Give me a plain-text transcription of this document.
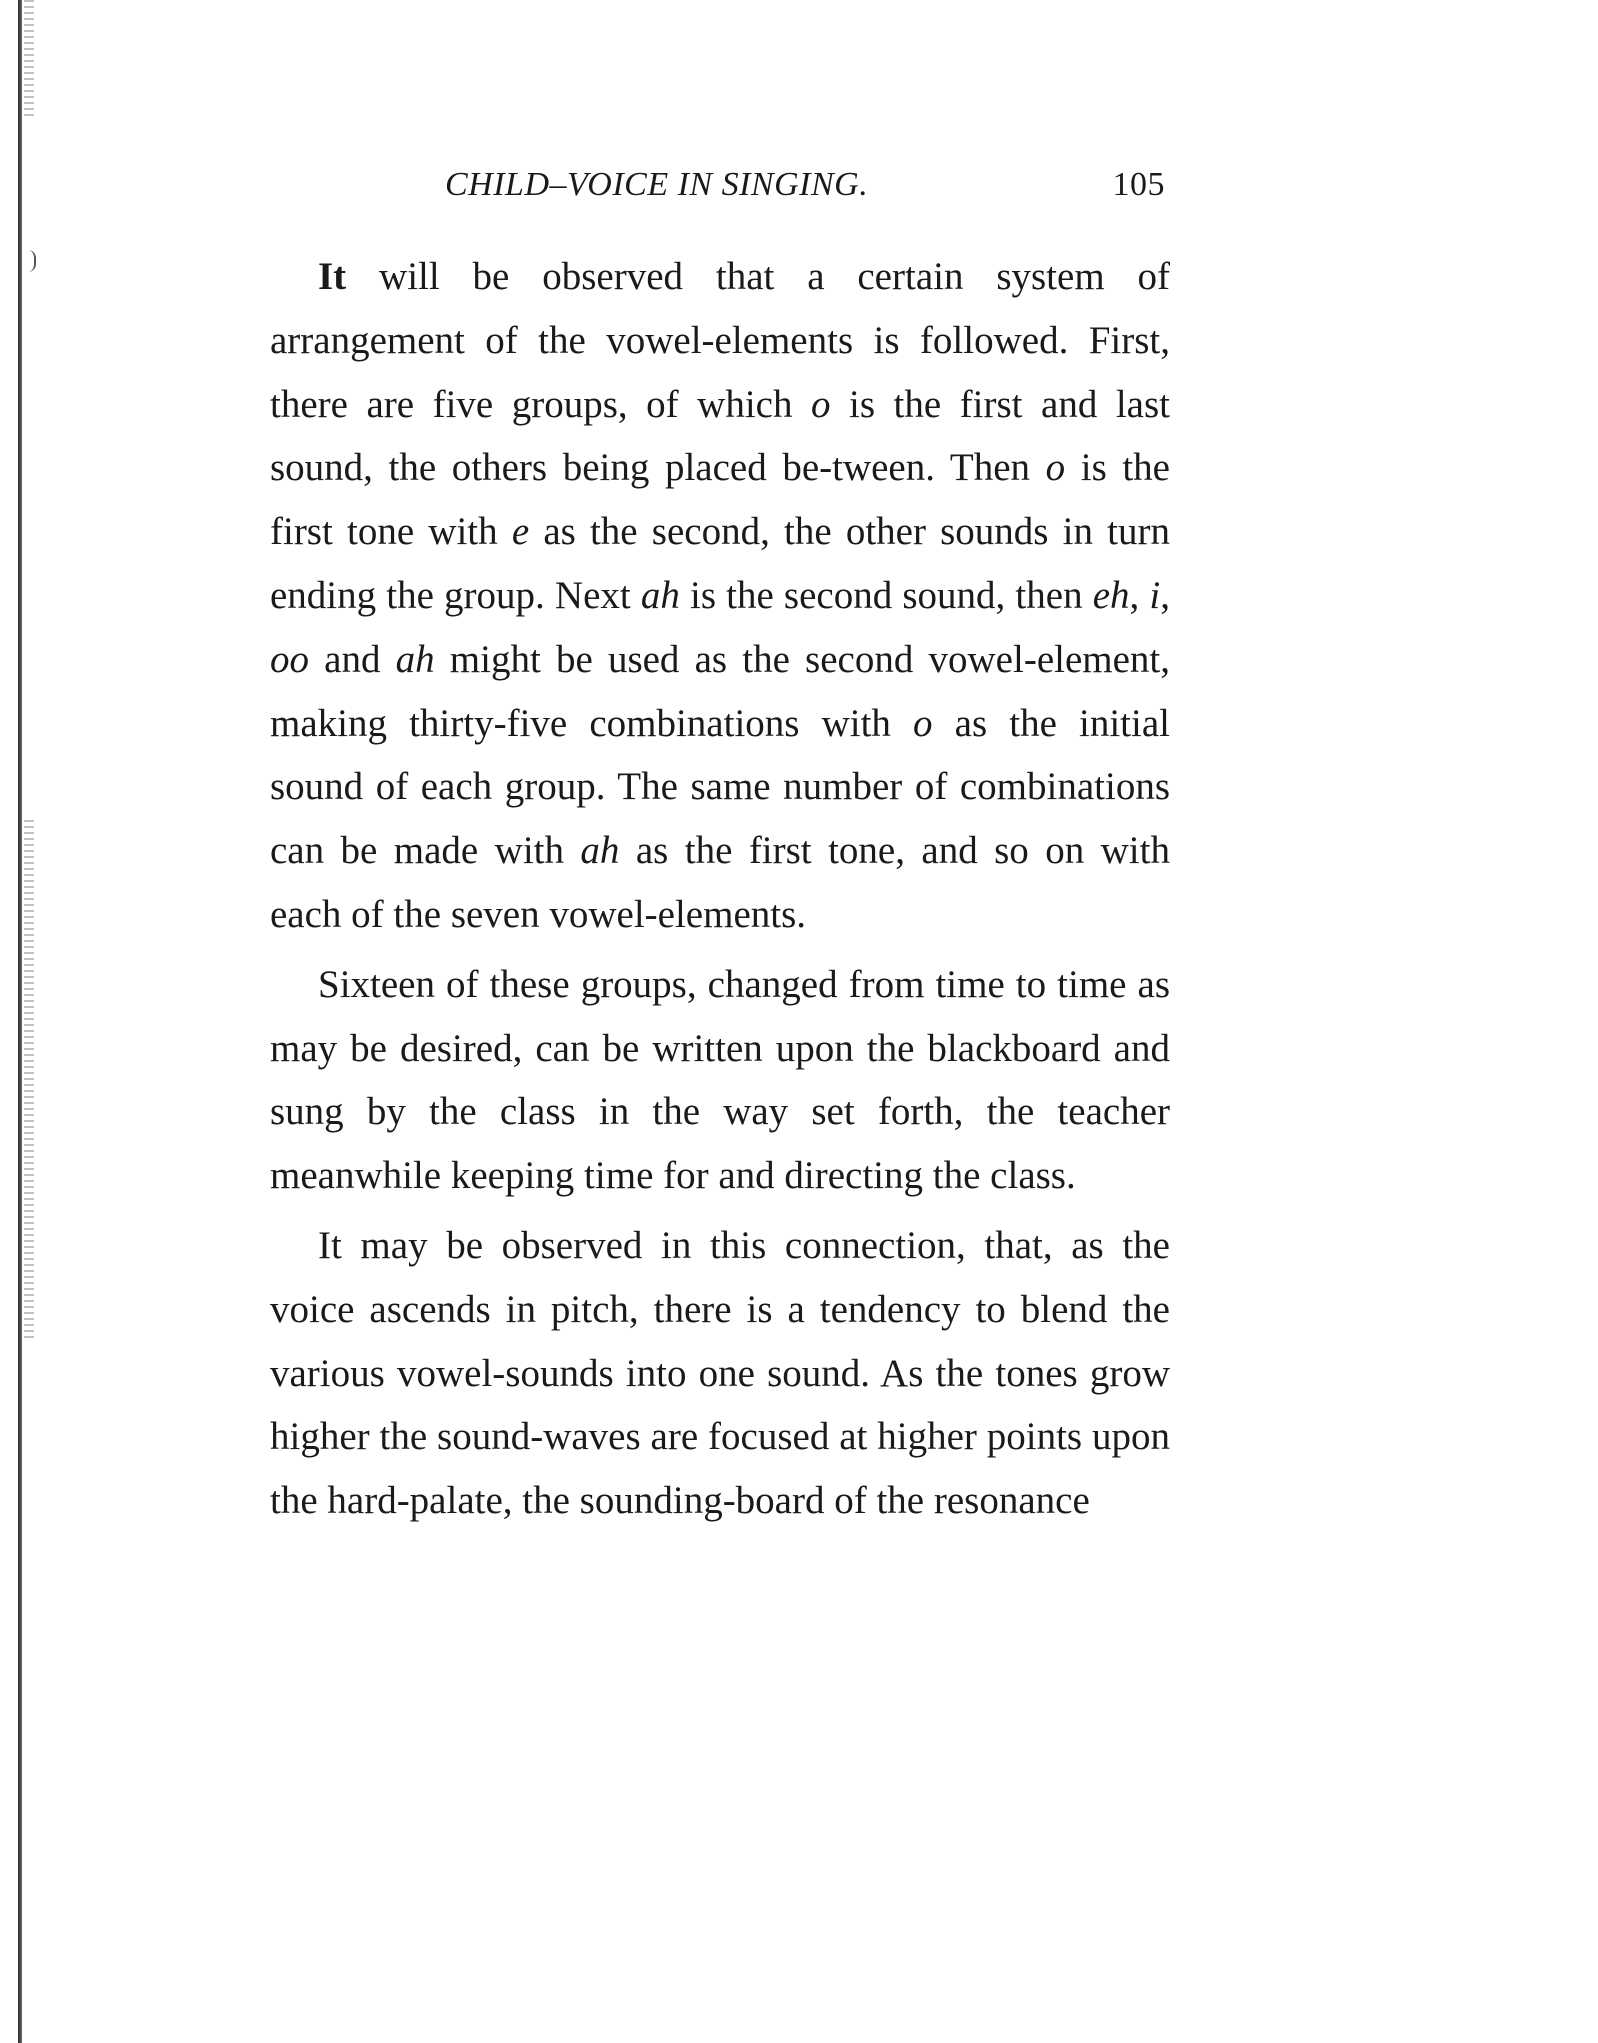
CHILD–VOICE IN SINGING.	105

It will be observed that a certain system of arrangement of the vowel-elements is followed. First, there are five groups, of which o is the first and last sound, the others being placed be-tween. Then o is the first tone with e as the second, the other sounds in turn ending the group. Next ah is the second sound, then eh, i, oo and ah might be used as the second vowel-element, making thirty-five combinations with o as the initial sound of each group. The same number of combinations can be made with ah as the first tone, and so on with each of the seven vowel-elements.

Sixteen of these groups, changed from time to time as may be desired, can be written upon the blackboard and sung by the class in the way set forth, the teacher meanwhile keeping time for and directing the class.

It may be observed in this connection, that, as the voice ascends in pitch, there is a tendency to blend the various vowel-sounds into one sound. As the tones grow higher the sound-waves are focused at higher points upon the hard-palate, the sounding-board of the resonance
